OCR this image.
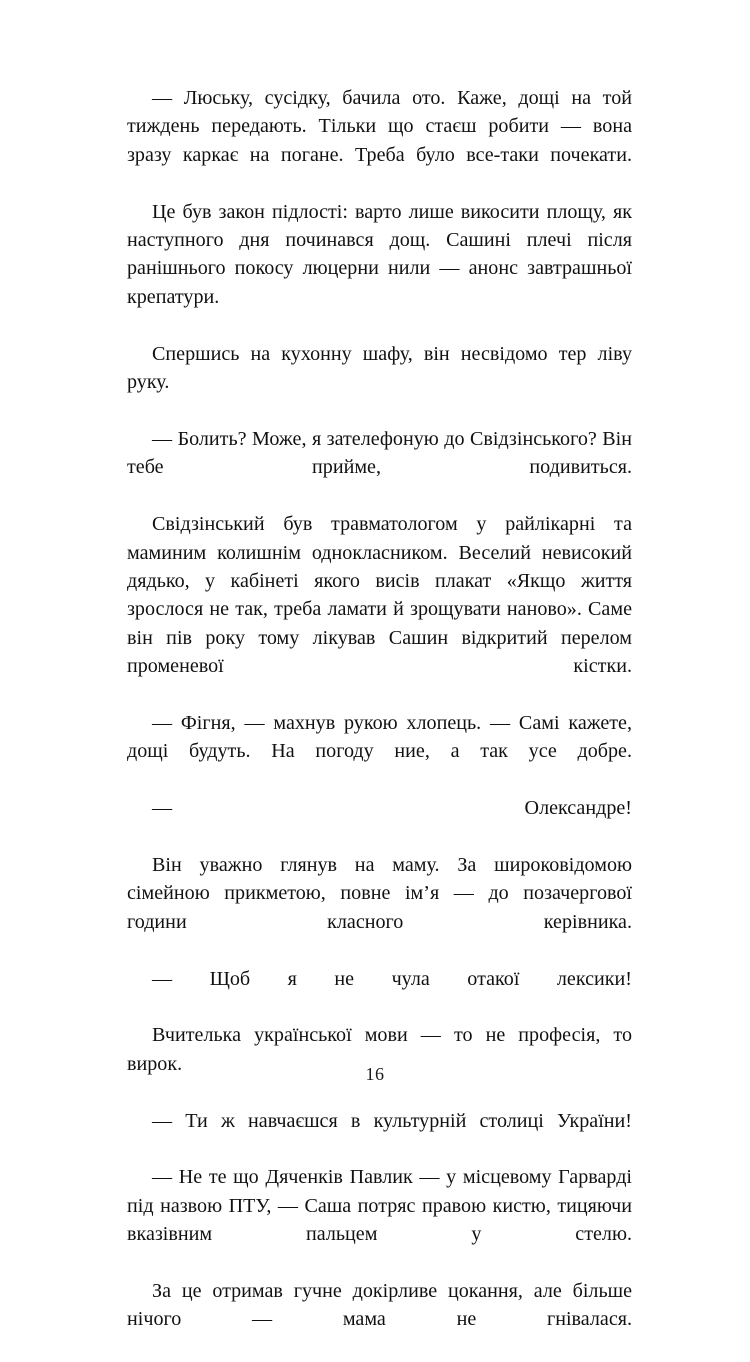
— Люську, сусідку, бачила ото. Каже, дощі на той тиждень передають. Тільки що стаєш робити — вона зразу каркає на погане. Треба було все-таки почекати.

Це був закон підлості: варто лише викосити площу, як наступного дня починався дощ. Сашині плечі після ранішнього покосу люцерни нили — анонс завтрашньої крепатури.

Спершись на кухонну шафу, він несвідомо тер ліву руку.

— Болить? Може, я зателефоную до Свідзінського? Він тебе прийме, подивиться.

Свідзінський був травматологом у райлікарні та маминим колишнім однокласником. Веселий невисокий дядько, у кабінеті якого висів плакат «Якщо життя зрослося не так, треба ламати й зрощувати наново». Саме він пів року тому лікував Сашин відкритий перелом променевої кістки.

— Фігня, — махнув рукою хлопець. — Самі кажете, дощі будуть. На погоду ние, а так усе добре.

— Олександре!

Він уважно глянув на маму. За широковідомою сімейною прикметою, повне ім’я — до позачергової години класного керівника.

— Щоб я не чула отакої лексики!

Вчителька української мови — то не професія, то вирок.

— Ти ж навчаєшся в культурній столиці України!

— Не те що Дяченків Павлик — у місцевому Гарварді під назвою ПТУ, — Саша потряс правою кистю, тицяючи вказівним пальцем у стелю.

За це отримав гучне докірливе цокання, але більше нічого — мама не гнівалася.

16
